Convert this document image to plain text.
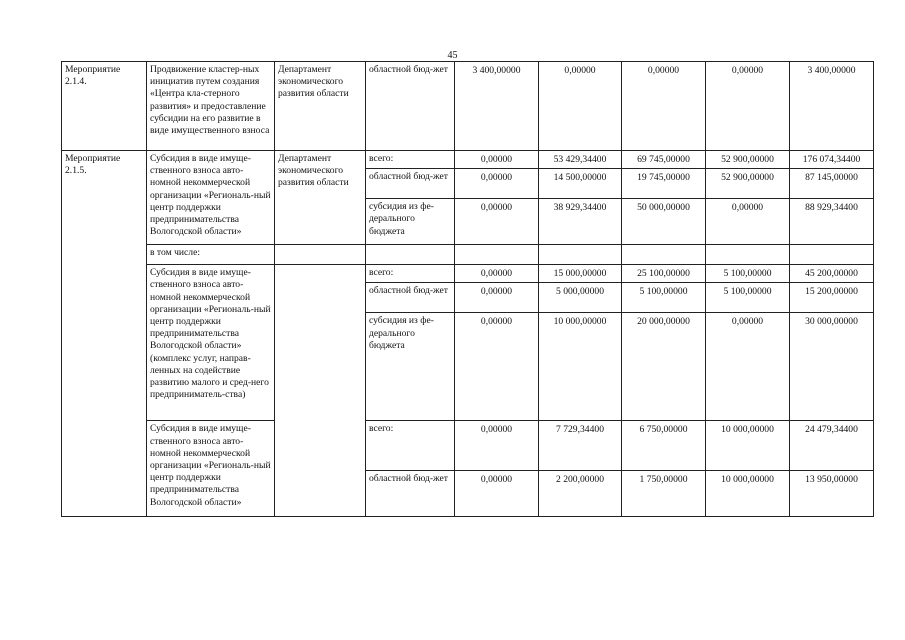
45
Мероприятие 2.1.4.	Продвижение кластер-ных инициатив путем создания «Центра кла-стерного развития» и предоставление субсидии на его развитие в виде имущественного взноса	Департамент экономического развития области	областной бюд-жет	3 400,00000	0,00000	0,00000	0,00000	3 400,00000
Мероприятие 2.1.5.	Субсидия в виде имуще-ственного взноса авто-номной некоммерческой организации «Региональ-ный центр поддержки предпринимательства Вологодской области»	Департамент экономического развития области	всего:	0,00000	53 429,34400	69 745,00000	52 900,00000	176 074,34400
			областной бюд-жет	0,00000	14 500,00000	19 745,00000	52 900,00000	87 145,00000
			субсидия из фе-дерального бюджета	0,00000	38 929,34400	50 000,00000	0,00000	88 929,34400
	в том числе:							
	Субсидия в виде имуще-ственного взноса авто-номной некоммерческой организации «Региональ-ный центр поддержки предпринимательства Вологодской области» (комплекс услуг, направ-ленных на содействие развитию малого и сред-него предприниматель-ства)		всего:	0,00000	15 000,00000	25 100,00000	5 100,00000	45 200,00000
			областной бюд-жет	0,00000	5 000,00000	5 100,00000	5 100,00000	15 200,00000
			субсидия из фе-дерального бюджета	0,00000	10 000,00000	20 000,00000	0,00000	30 000,00000
	Субсидия в виде имуще-ственного взноса авто-номной некоммерческой организации «Региональ-ный центр поддержки предпринимательства Вологодской области»		всего:	0,00000	7 729,34400	6 750,00000	10 000,00000	24 479,34400
			областной бюд-жет	0,00000	2 200,00000	1 750,00000	10 000,00000	13 950,00000
